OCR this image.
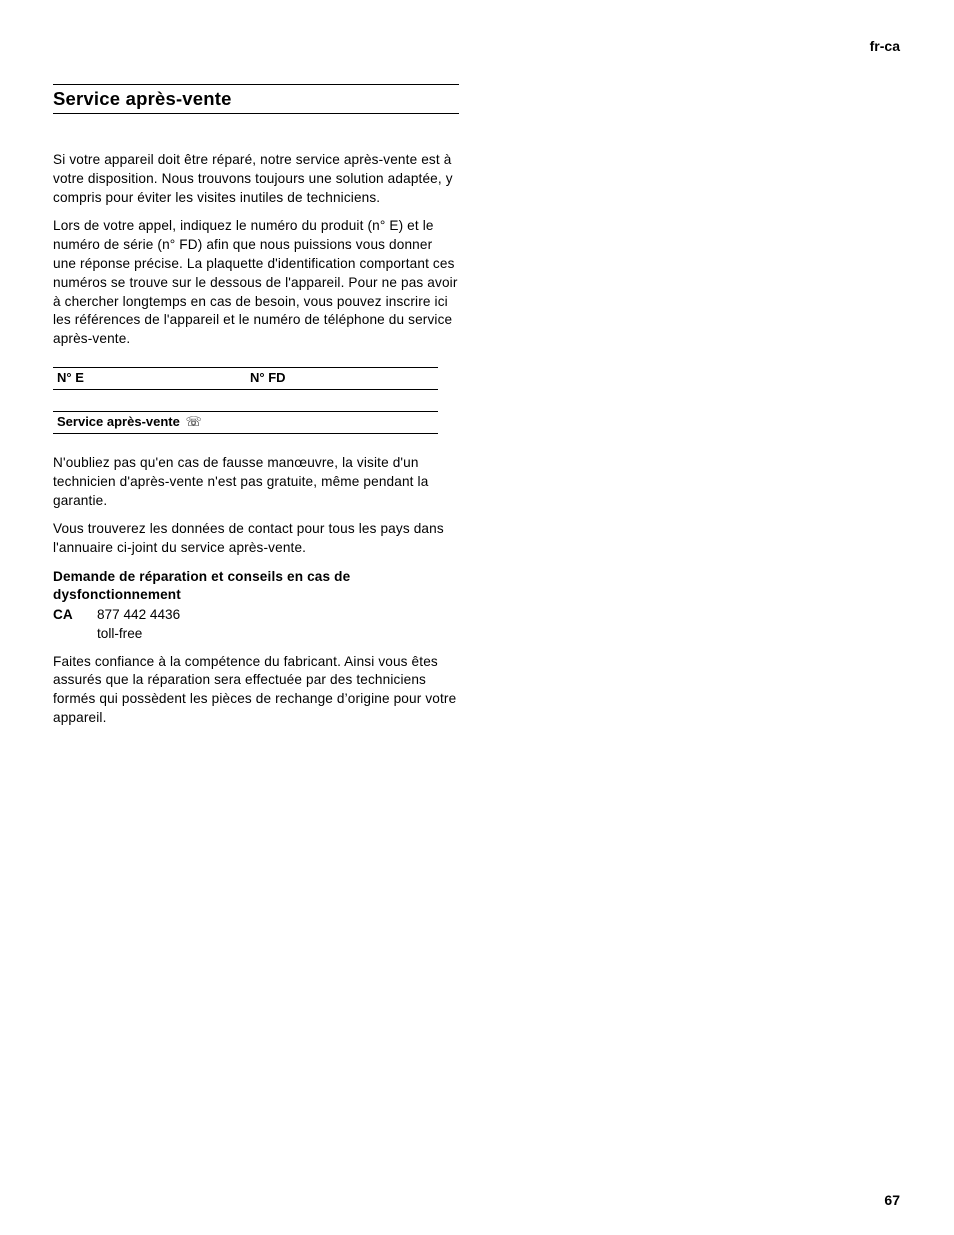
fr-ca
Service après-vente

Si votre appareil doit être réparé, notre service après-vente est à votre disposition. Nous trouvons toujours une solution adaptée, y compris pour éviter les visites inutiles de techniciens.

Lors de votre appel, indiquez le numéro du produit (n° E) et le numéro de série (n° FD) afin que nous puissions vous donner une réponse précise. La plaquette d'identification comportant ces numéros se trouve sur le dessous de l'appareil. Pour ne pas avoir à chercher longtemps en cas de besoin, vous pouvez inscrire ici les références de l'appareil et le numéro de téléphone du service après-vente.

N° E	N° FD
Service après-vente ☏

N'oubliez pas qu'en cas de fausse manœuvre, la visite d'un technicien d'après-vente n'est pas gratuite, même pendant la garantie.

Vous trouverez les données de contact pour tous les pays dans l'annuaire ci-joint du service après-vente.

Demande de réparation et conseils en cas de dysfonctionnement

CA	877 442 4436
toll-free

Faites confiance à la compétence du fabricant. Ainsi vous êtes assurés que la réparation sera effectuée par des techniciens formés qui possèdent les pièces de rechange d’origine pour votre appareil.

67
